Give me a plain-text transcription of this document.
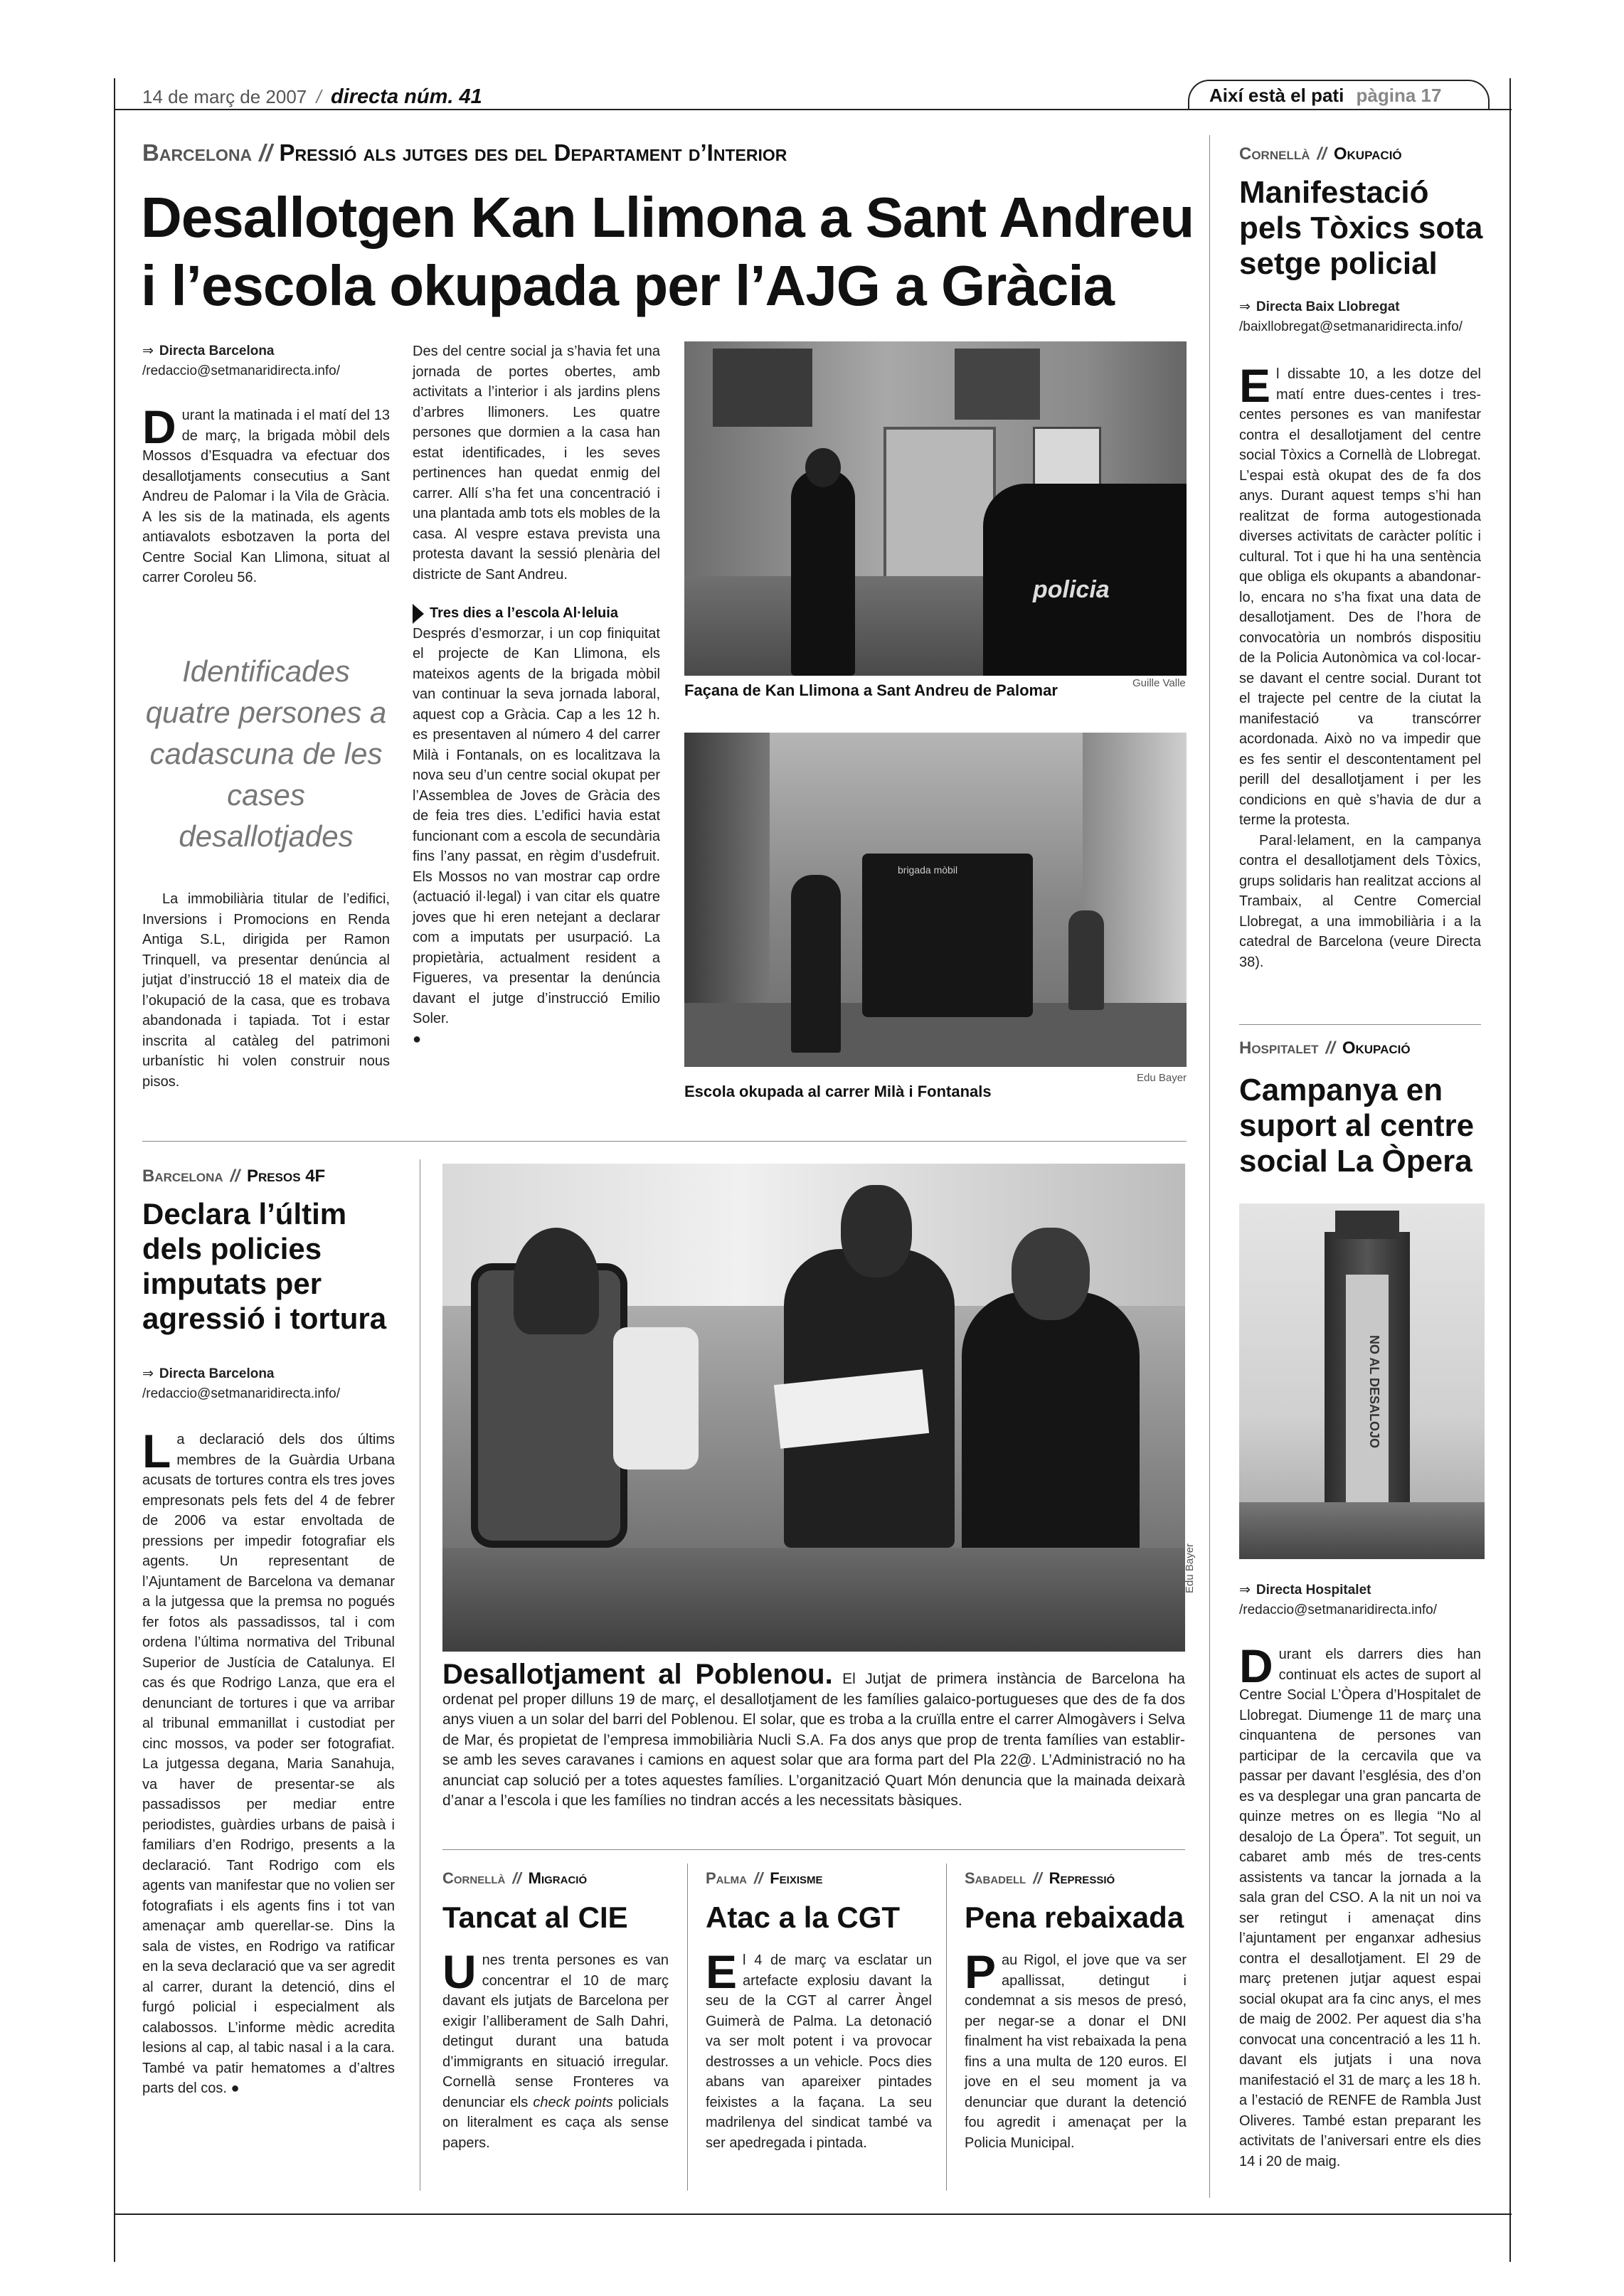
14 de març de 2007 / directa núm. 41	Així està el pati pàgina 17
Barcelona // Pressió als jutges des del Departament d’Interior
Desallotgen Kan Llimona a Sant Andreu
i l’escola okupada per l’AJG a Gràcia
⇒ Directa Barcelona
/redaccio@setmanaridirecta.info/

Durant la matinada i el matí del 13 de març, la brigada mòbil dels Mossos d’Esquadra va efectuar dos desallotjaments consecutius a Sant Andreu de Palomar i la Vila de Gràcia. A les sis de la matinada, els agents antiavalots esbotzaven la porta del Centre Social Kan Llimona, situat al carrer Coroleu 56.

Identificades quatre persones a cadascuna de les cases desallotjades

La immobiliària titular de l’edifici, Inversions i Promocions en Renda Antiga S.L, dirigida per Ramon Trinquell, va presentar denúncia al jutjat d’instrucció 18 el mateix dia de l’okupació de la casa, que es trobava abandonada i tapiada. Tot i estar inscrita al catàleg del patrimoni urbanístic hi volen construir nous pisos.

Des del centre social ja s’havia fet una jornada de portes obertes, amb activitats a l’interior i als jardins plens d’arbres llimoners. Les quatre persones que dormien a la casa han estat identificades, i les seves pertinences han quedat enmig del carrer. Allí s’ha fet una concentració i una plantada amb tots els mobles de la casa. Al vespre estava prevista una protesta davant la sessió plenària del districte de Sant Andreu.

Tres dies a l’escola Al·leluia

Després d’esmorzar, i un cop finiquitat el projecte de Kan Llimona, els mateixos agents de la brigada mòbil van continuar la seva jornada laboral, aquest cop a Gràcia. Cap a les 12 h. es presentaven al número 4 del carrer Milà i Fontanals, on es localitzava la nova seu d’un centre social okupat per l’Assemblea de Joves de Gràcia des de feia tres dies. L’edifici havia estat funcionant com a escola de secundària fins l’any passat, en règim d’usdefruit. Els Mossos no van mostrar cap ordre (actuació il·legal) i van citar els quatre joves que hi eren netejant a declarar com a imputats per usurpació. La propietària, actualment resident a Figueres, va presentar la denúncia davant el jutge d’instrucció Emilio Soler.

●
policia
Façana de Kan Llimona a Sant Andreu de Palomar	Guille Valle
brigada mòbil
Escola okupada al carrer Milà i Fontanals
Edu Bayer
Cornellà // Okupació
Manifestació pels Tòxics sota setge policial
⇒ Directa Baix Llobregat
/baixllobregat@setmanaridirecta.info/

El dissabte 10, a les dotze del matí entre dues-centes i tres-centes persones es van manifestar contra el desallotjament del centre social Tòxics a Cornellà de Llobregat. L’espai està okupat des de fa dos anys. Durant aquest temps s’hi han realitzat de forma autogestionada diverses activitats de caràcter polític i cultural. Tot i que hi ha una sentència que obliga els okupants a abandonar-lo, encara no s’ha fixat una data de desallotjament. Des de l’hora de convocatòria un nombrós dispositiu de la Policia Autonòmica va col·locar-se davant el centre social. Durant tot el trajecte pel centre de la ciutat la manifestació va transcórrer acordonada. Això no va impedir que es fes sentir el descontentament pel perill del desallotjament i per les condicions en què s’havia de dur a terme la protesta.

Paral·lelament, en la campanya contra el desallotjament dels Tòxics, grups solidaris han realitzat accions al Trambaix, al Centre Comercial Llobregat, a una immobiliària i a la catedral de Barcelona (veure Directa 38).

Hospitalet // Okupació
Campanya en suport al centre social La Òpera
NO AL DESALOJO
⇒ Directa Hospitalet
/redaccio@setmanaridirecta.info/

Durant els darrers dies han continuat els actes de suport al Centre Social L’Òpera d’Hospitalet de Llobregat. Diumenge 11 de març una cinquantena de persones van participar de la cercavila que va passar per davant l’església, des d’on es va desplegar una gran pancarta de quinze metres on es llegia “No al desalojo de La Ópera”. Tot seguit, un cabaret amb més de tres-cents assistents va tancar la jornada a la sala gran del CSO. A la nit un noi va ser retingut i amenaçat dins l’ajuntament per enganxar adhesius contra el desallotjament. El 29 de març pretenen jutjar aquest espai social okupat ara fa cinc anys, el mes de maig de 2002. Per aquest dia s’ha convocat una concentració a les 11 h. davant els jutjats i una nova manifestació el 31 de març a les 18 h. a l’estació de RENFE de Rambla Just Oliveres. També estan preparant les activitats de l’aniversari entre els dies 14 i 20 de maig.

Barcelona // Presos 4F
Declara l’últim dels policies imputats per agressió i tortura
⇒ Directa Barcelona
/redaccio@setmanaridirecta.info/

La declaració dels dos últims membres de la Guàrdia Urbana acusats de tortures contra els tres joves empresonats pels fets del 4 de febrer de 2006 va estar envoltada de pressions per impedir fotografiar els agents. Un representant de l’Ajuntament de Barcelona va demanar a la jutgessa que la premsa no pogués fer fotos als passadissos, tal i com ordena l’última normativa del Tribunal Superior de Justícia de Catalunya. El cas és que Rodrigo Lanza, que era el denunciant de tortures i que va arribar al tribunal emmanillat i custodiat per cinc mossos, va poder ser fotografiat. La jutgessa degana, Maria Sanahuja, va haver de presentar-se als passadissos per mediar entre periodistes, guàrdies urbans de paisà i familiars d’en Rodrigo, presents a la declaració. Tant Rodrigo com els agents van manifestar que no volien ser fotografiats i els agents fins i tot van amenaçar amb querellar-se. Dins la sala de vistes, en Rodrigo va ratificar en la seva declaració que va ser agredit al carrer, durant la detenció, dins el furgó policial i especialment als calabossos. L’informe mèdic acredita lesions al cap, al tabic nasal i a la cara. També va patir hematomes a d’altres parts del cos. ●

Edu Bayer
Desallotjament al Poblenou. El Jutjat de primera instància de Barcelona ha ordenat pel proper dilluns 19 de març, el desallotjament de les famílies galaico-portugueses que des de fa dos anys viuen a un solar del barri del Poblenou. El solar, que es troba a la cruïlla entre el carrer Almogàvers i Selva de Mar, és propietat de l’empresa immobiliària Nucli S.A. Fa dos anys que prop de trenta famílies van establir-se amb les seves caravanes i camions en aquest solar que ara forma part del Pla 22@. L’Administració no ha anunciat cap solució per a totes aquestes famílies. L’organització Quart Món denuncia que la mainada deixarà d’anar a l’escola i que les famílies no tindran accés a les necessitats bàsiques.
Cornellà // Migració
Tancat al CIE

Unes trenta persones es van concentrar el 10 de març davant els jutjats de Barcelona per exigir l’alliberament de Salh Dahri, detingut durant una batuda d’immigrants en situació irregular. Cornellà sense Fronteres va denunciar els check points policials on literalment es caça als sense papers.

Palma // Feixisme
Atac a la CGT

El 4 de març va esclatar un artefacte explosiu davant la seu de la CGT al carrer Àngel Guimerà de Palma. La detonació va ser molt potent i va provocar destrosses a un vehicle. Pocs dies abans van apareixer pintades feixistes a la façana. La seu madrilenya del sindicat també va ser apedregada i pintada.

Sabadell // Repressió
Pena rebaixada

Pau Rigol, el jove que va ser apallissat, detingut i condemnat a sis mesos de presó, per negar-se a donar el DNI finalment ha vist rebaixada la pena fins a una multa de 120 euros. El jove en el seu moment ja va denunciar que durant la detenció fou agredit i amenaçat per la Policia Municipal.
